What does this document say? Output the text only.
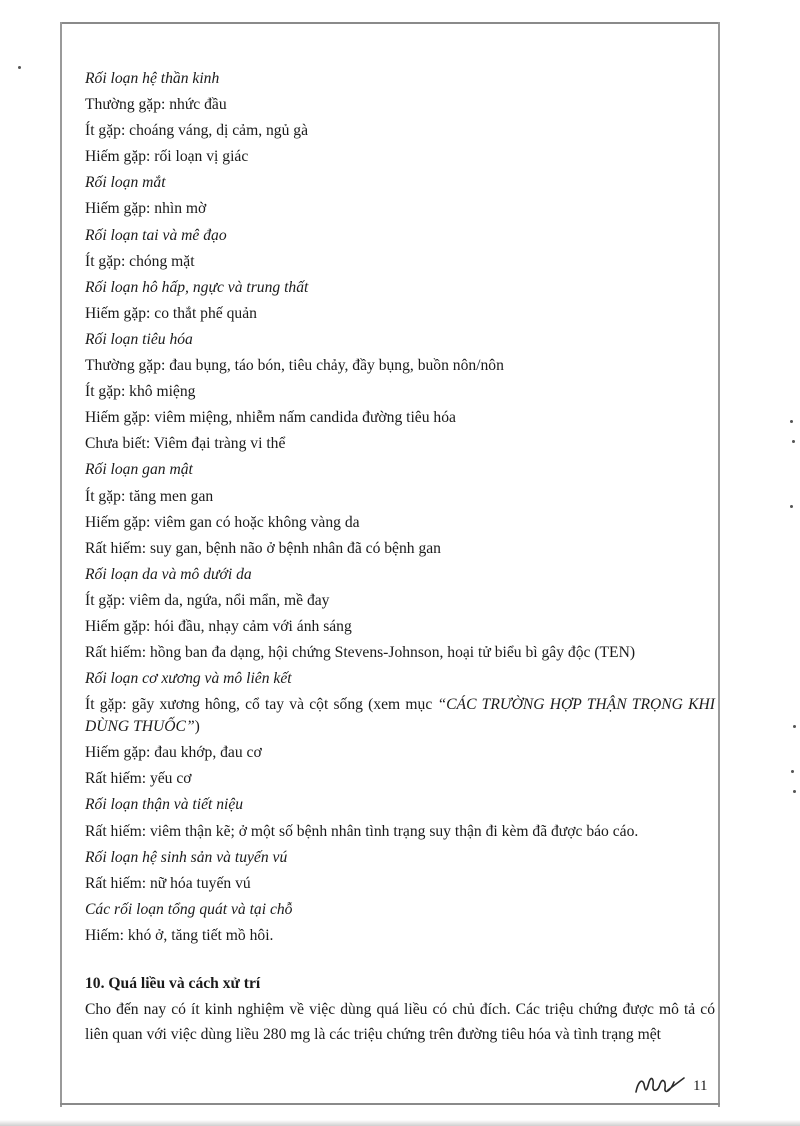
Rối loạn hệ thần kinh
Thường gặp: nhức đầu
Ít gặp: choáng váng, dị cảm, ngủ gà
Hiếm gặp: rối loạn vị giác
Rối loạn mắt
Hiếm gặp: nhìn mờ
Rối loạn tai và mê đạo
Ít gặp: chóng mặt
Rối loạn hô hấp, ngực và trung thất
Hiếm gặp: co thắt phế quản
Rối loạn tiêu hóa
Thường gặp: đau bụng, táo bón, tiêu chảy, đầy bụng, buồn nôn/nôn
Ít gặp: khô miệng
Hiếm gặp: viêm miệng, nhiễm nấm candida đường tiêu hóa
Chưa biết: Viêm đại tràng vi thể
Rối loạn gan mật
Ít gặp: tăng men gan
Hiếm gặp: viêm gan có hoặc không vàng da
Rất hiếm: suy gan, bệnh não ở bệnh nhân đã có bệnh gan
Rối loạn da và mô dưới da
Ít gặp: viêm da, ngứa, nổi mẩn, mề đay
Hiếm gặp: hói đầu, nhạy cảm với ánh sáng
Rất hiếm: hồng ban đa dạng, hội chứng Stevens-Johnson, hoại tử biểu bì gây độc (TEN)
Rối loạn cơ xương và mô liên kết
Ít gặp: gãy xương hông, cổ tay và cột sống (xem mục “CÁC TRƯỜNG HỢP THẬN TRỌNG KHI DÙNG THUỐC”)
Hiếm gặp: đau khớp, đau cơ
Rất hiếm: yếu cơ
Rối loạn thận và tiết niệu
Rất hiếm: viêm thận kẽ; ở một số bệnh nhân tình trạng suy thận đi kèm đã được báo cáo.
Rối loạn hệ sinh sản và tuyến vú
Rất hiếm: nữ hóa tuyến vú
Các rối loạn tổng quát và tại chỗ
Hiếm: khó ở, tăng tiết mồ hôi.
10. Quá liều và cách xử trí
Cho đến nay có ít kinh nghiệm về việc dùng quá liều có chủ đích. Các triệu chứng được mô tả có liên quan với việc dùng liều 280 mg là các triệu chứng trên đường tiêu hóa và tình trạng mệt
11
